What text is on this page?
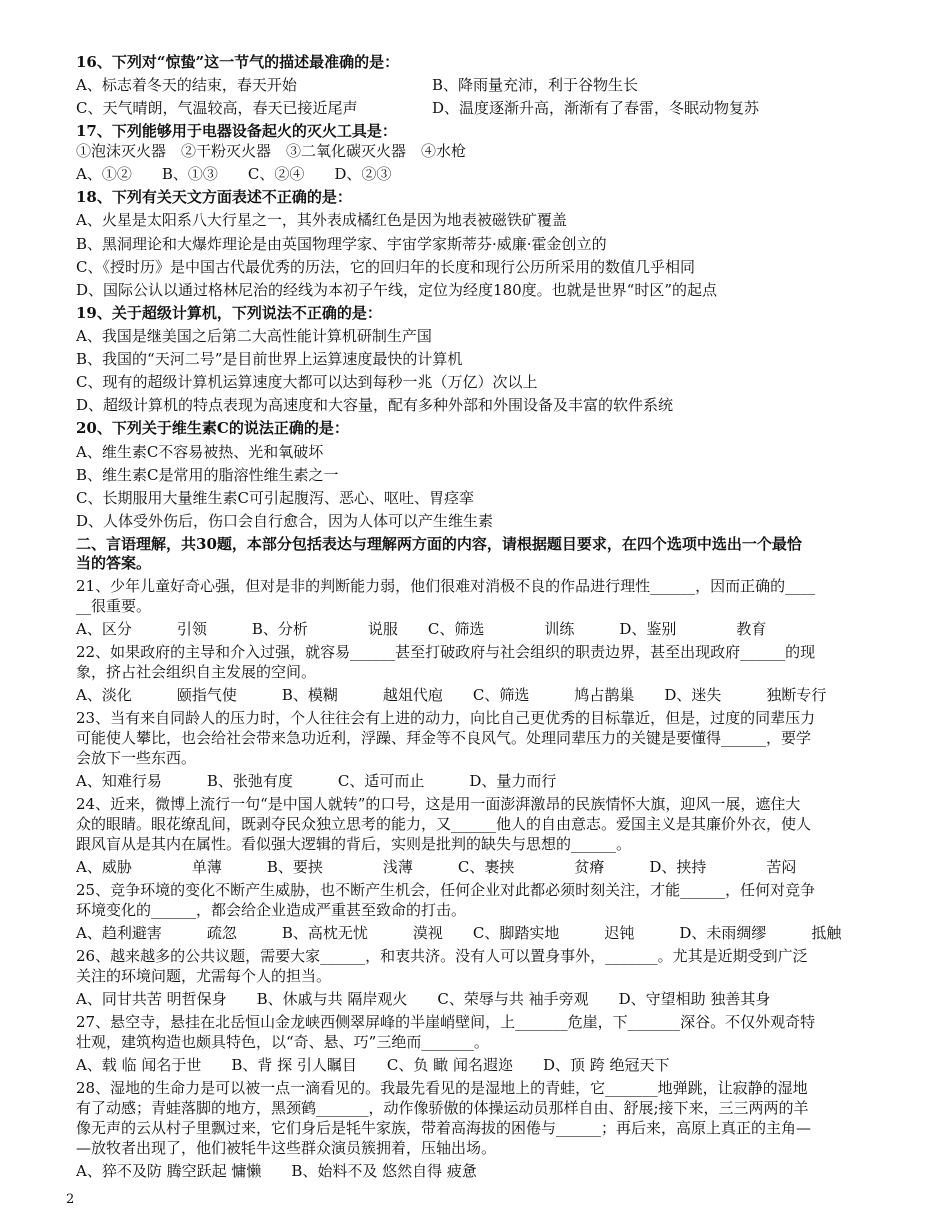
16、下列对“惊蛰”这一节气的描述最准确的是：
A、标志着冬天的结束，春天开始	B、降雨量充沛，利于谷物生长
C、天气晴朗，气温较高，春天已接近尾声	D、温度逐渐升高，渐渐有了春雷，冬眠动物复苏
17、下列能够用于电器设备起火的灭火工具是：
①泡沫灭火器　②干粉灭火器　③二氧化碳灭火器　④水枪
A、①②　　B、①③　　C、②④　　D、②③
18、下列有关天文方面表述不正确的是：
A、火星是太阳系八大行星之一，其外表成橘红色是因为地表被磁铁矿覆盖
B、黑洞理论和大爆炸理论是由英国物理学家、宇宙学家斯蒂芬·威廉·霍金创立的
C、《授时历》是中国古代最优秀的历法，它的回归年的长度和现行公历所采用的数值几乎相同
D、国际公认以通过格林尼治的经线为本初子午线，定位为经度180度。也就是世界“时区”的起点
19、关于超级计算机，下列说法不正确的是：
A、我国是继美国之后第二大高性能计算机研制生产国
B、我国的“天河二号”是目前世界上运算速度最快的计算机
C、现有的超级计算机运算速度大都可以达到每秒一兆（万亿）次以上
D、超级计算机的特点表现为高速度和大容量，配有多种外部和外围设备及丰富的软件系统
20、下列关于维生素C的说法正确的是：
A、维生素C不容易被热、光和氧破坏
B、维生素C是常用的脂溶性维生素之一
C、长期服用大量维生素C可引起腹泻、恶心、呕吐、胃痉挛
D、人体受外伤后，伤口会自行愈合，因为人体可以产生维生素
二、言语理解，共30题，本部分包括表达与理解两方面的内容，请根据题目要求，在四个选项中选出一个最恰
当的答案。
21、少年儿童好奇心强，但对是非的判断能力弱，他们很难对消极不良的作品进行理性______，因而正确的____
__很重要。
A、区分　　　引领　　　B、分析　　　　说服　　C、筛选　　　　训练　　　D、鉴别　　　　教育
22、如果政府的主导和介入过强，就容易______甚至打破政府与社会组织的职责边界，甚至出现政府______的现
象，挤占社会组织自主发展的空间。
A、淡化　　　颐指气使　　　B、模糊　　　越俎代庖　　C、筛选　　　鸠占鹊巢　　D、迷失　　　独断专行
23、当有来自同龄人的压力时，个人往往会有上进的动力，向比自己更优秀的目标靠近，但是，过度的同辈压力
可能使人攀比，也会给社会带来急功近利，浮躁、拜金等不良风气。处理同辈压力的关键是要懂得______，要学
会放下一些东西。
A、知难行易　　　B、张弛有度　　　C、适可而止　　　D、量力而行
24、近来，微博上流行一句“是中国人就转”的口号，这是用一面澎湃激昂的民族情怀大旗，迎风一展，遮住大
众的眼睛。眼花缭乱间，既剥夺民众独立思考的能力，又______他人的自由意志。爱国主义是其廉价外衣，使人
跟风盲从是其内在属性。看似强大逻辑的背后，实则是批判的缺失与思想的______。
A、威胁　　　　单薄　　　B、要挟　　　　浅薄　　　C、裹挟　　　　贫瘠　　　D、挟持　　　　苦闷
25、竞争环境的变化不断产生威胁，也不断产生机会，任何企业对此都必须时刻关注，才能______，任何对竞争
环境变化的______，都会给企业造成严重甚至致命的打击。
A、趋利避害　　　疏忽　　　B、高枕无忧　　　漠视　　C、脚踏实地　　　迟钝　　　D、未雨绸缪　　　抵触
26、越来越多的公共议题，需要大家______，和衷共济。没有人可以置身事外，_______。尤其是近期受到广泛
关注的环境问题，尤需每个人的担当。
A、同甘共苦 明哲保身　　B、休戚与共 隔岸观火　　C、荣辱与共 袖手旁观　　D、守望相助 独善其身
27、悬空寺，悬挂在北岳恒山金龙峡西侧翠屏峰的半崖峭壁间，上_______危崖，下_______深谷。不仅外观奇特
壮观，建筑构造也颇具特色，以“奇、悬、巧”三绝而_______。
A、载 临 闻名于世　　B、背 探 引人瞩目　　C、负 瞰 闻名遐迩　　D、顶 跨 绝冠天下
28、湿地的生命力是可以被一点一滴看见的。我最先看见的是湿地上的青蛙，它_______地弹跳，让寂静的湿地
有了动感；青蛙落脚的地方，黑颈鹤_______，动作像骄傲的体操运动员那样自由、舒展;接下来，三三两两的羊
像无声的云从村子里飘过来，它们身后是牦牛家族，带着高海拔的困倦与______；再后来，高原上真正的主角—
—放牧者出现了，他们被牦牛这些群众演员簇拥着，压轴出场。
A、猝不及防 腾空跃起 慵懒　　B、始料不及 悠然自得 疲惫
2
